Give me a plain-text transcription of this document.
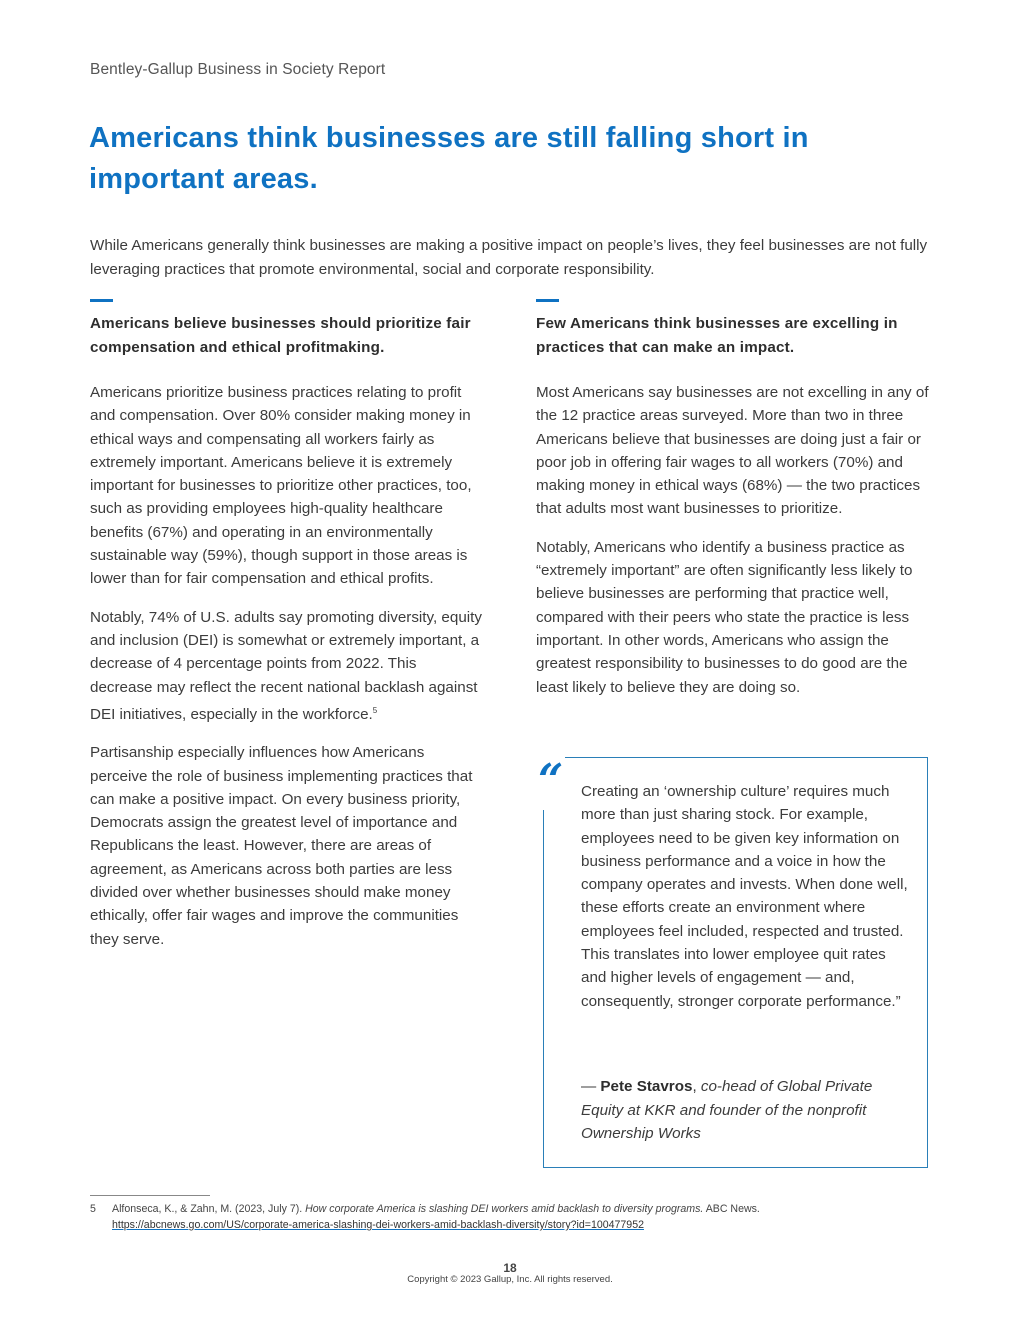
Bentley-Gallup Business in Society Report
Americans think businesses are still falling short in important areas.

While Americans generally think businesses are making a positive impact on people’s lives, they feel businesses are not fully leveraging practices that promote environmental, social and corporate responsibility.

Americans believe businesses should prioritize fair compensation and ethical profitmaking.

Americans prioritize business practices relating to profit and compensation. Over 80% consider making money in ethical ways and compensating all workers fairly as extremely important. Americans believe it is extremely important for businesses to prioritize other practices, too, such as providing employees high-quality healthcare benefits (67%) and operating in an environmentally sustainable way (59%), though support in those areas is lower than for fair compensation and ethical profits.

Notably, 74% of U.S. adults say promoting diversity, equity and inclusion (DEI) is somewhat or extremely important, a decrease of 4 percentage points from 2022. This decrease may reflect the recent national backlash against DEI initiatives, especially in the workforce.$^5$

Partisanship especially influences how Americans perceive the role of business implementing practices that can make a positive impact. On every business priority, Democrats assign the greatest level of importance and Republicans the least. However, there are areas of agreement, as Americans across both parties are less divided over whether businesses should make money ethically, offer fair wages and improve the communities they serve.

Few Americans think businesses are excelling in practices that can make an impact.

Most Americans say businesses are not excelling in any of the 12 practice areas surveyed. More than two in three Americans believe that businesses are doing just a fair or poor job in offering fair wages to all workers (70%) and making money in ethical ways (68%) — the two practices that adults most want businesses to prioritize.

Notably, Americans who identify a business practice as “extremely important” are often significantly less likely to believe businesses are performing that practice well, compared with their peers who state the practice is less important. In other words, Americans who assign the greatest responsibility to businesses to do good are the least likely to believe they are doing so.

“ Creating an ‘ownership culture’ requires much more than just sharing stock. For example, employees need to be given key information on business performance and a voice in how the company operates and invests. When done well, these efforts create an environment where employees feel included, respected and trusted. This translates into lower employee quit rates and higher levels of engagement — and, consequently, stronger corporate performance.”

— Pete Stavros, co-head of Global Private Equity at KKR and founder of the nonprofit Ownership Works

5 Alfonseca, K., & Zahn, M. (2023, July 7). How corporate America is slashing DEI workers amid backlash to diversity programs. ABC News. https://abcnews.go.com/US/corporate-america-slashing-dei-workers-amid-backlash-diversity/story?id=100477952
18
Copyright © 2023 Gallup, Inc. All rights reserved.
